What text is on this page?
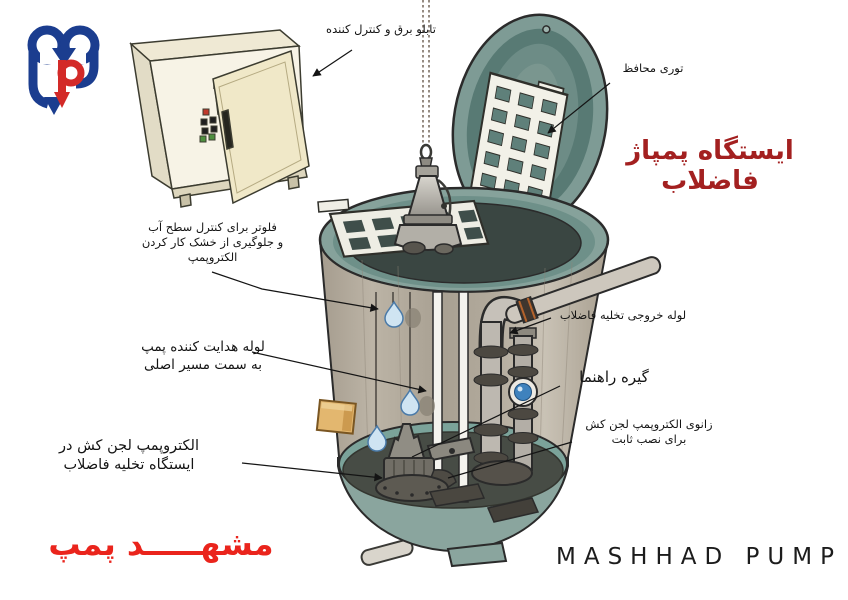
ایستگاه پمپاژ فاضلاب
تابلو برق و کنترل کننده
توری محافظ
فلوتر برای کنترل سطح آب
و جلوگیری از خشک کار کردن
الکتروپمپ
لوله خروجی تخلیه فاضلاب
لوله هدایت کننده پمپ
به سمت مسیر اصلی
گیره راهنما
زانوی الکتروپمپ لجن کش
برای نصب ثابت
الکتروپمپ لجن کش در
ایستگاه تخلیه فاضلاب
مشهـــــد پمپ	MASHHAD PUMP
